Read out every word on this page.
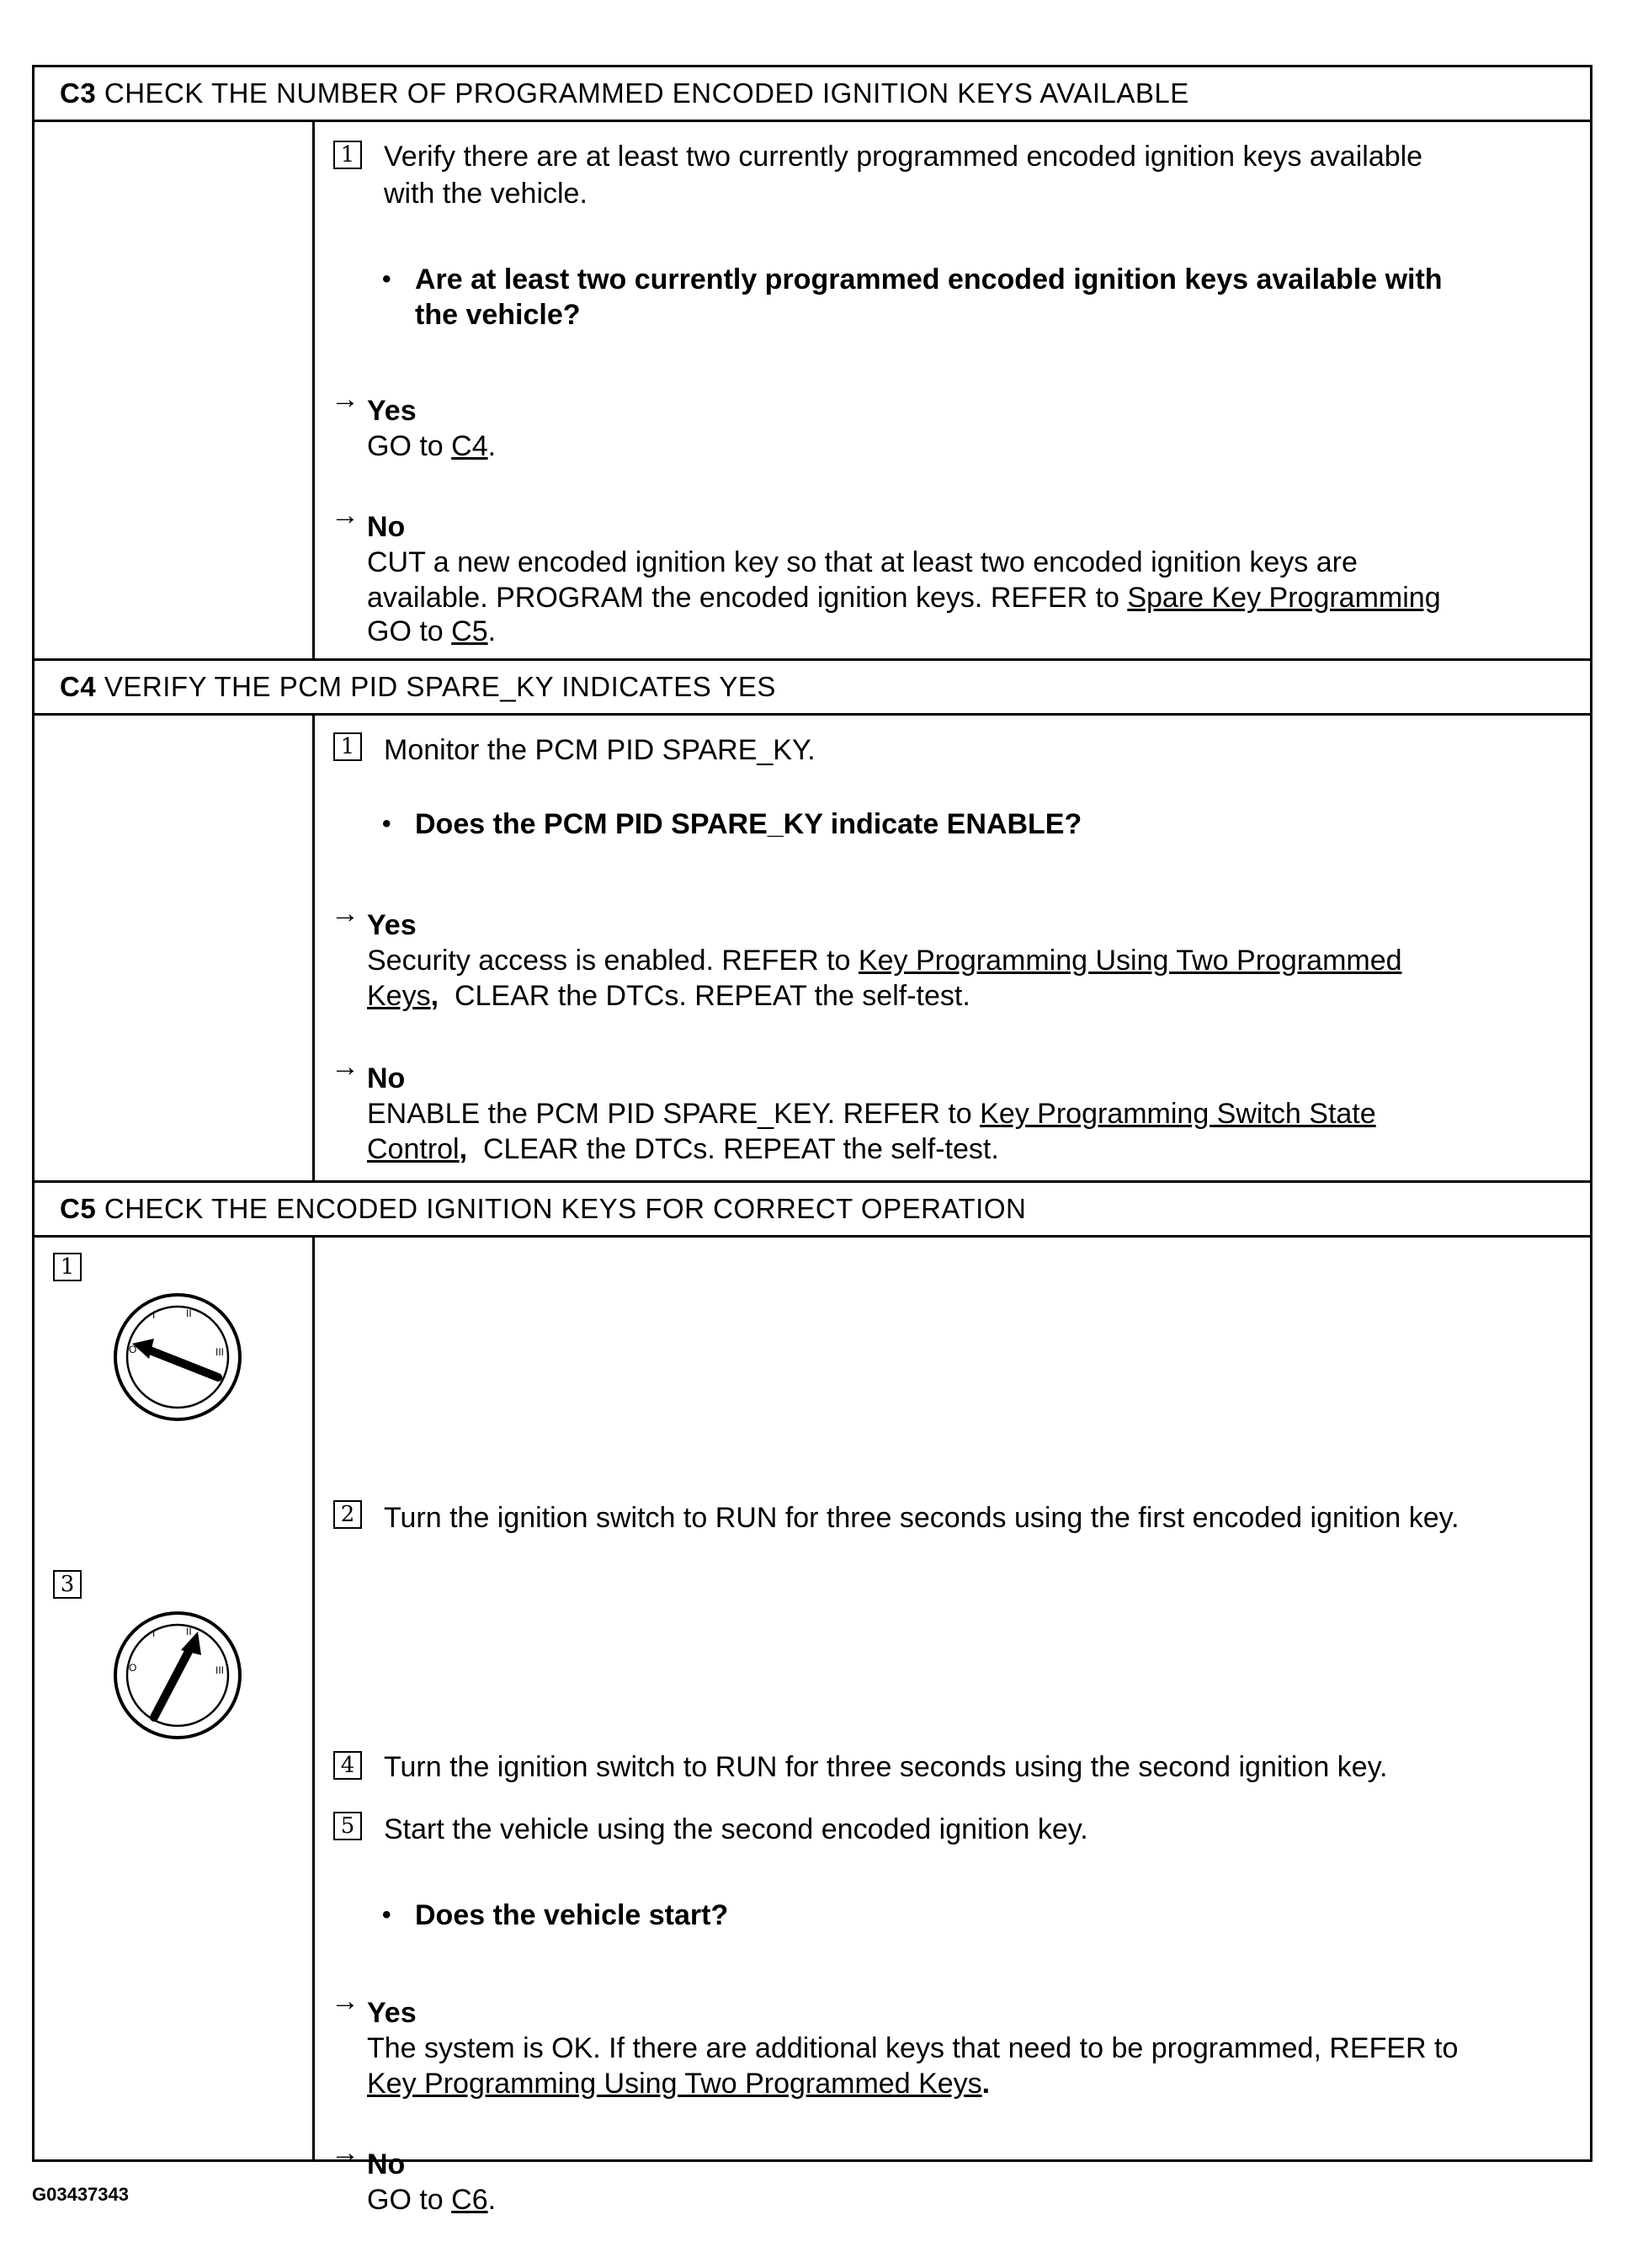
C3 CHECK THE NUMBER OF PROGRAMMED ENCODED IGNITION KEYS AVAILABLE
1 Verify there are at least two currently programmed encoded ignition keys available
with the vehicle.
• Are at least two currently programmed encoded ignition keys available with
the vehicle?
→ Yes
GO to C4.
→ No
CUT a new encoded ignition key so that at least two encoded ignition keys are
available. PROGRAM the encoded ignition keys. REFER to Spare Key Programming
GO to C5.
C4 VERIFY THE PCM PID SPARE_KY INDICATES YES
1 Monitor the PCM PID SPARE_KY.
• Does the PCM PID SPARE_KY indicate ENABLE?
→ Yes
Security access is enabled. REFER to Key Programming Using Two Programmed
Keys, CLEAR the DTCs. REPEAT the self-test.
→ No
ENABLE the PCM PID SPARE_KEY. REFER to Key Programming Switch State
Control, CLEAR the DTCs. REPEAT the self-test.
C5 CHECK THE ENCODED IGNITION KEYS FOR CORRECT OPERATION
1
O
I	II
III
3
O
I	II
III
2 Turn the ignition switch to RUN for three seconds using the first encoded ignition key.
4 Turn the ignition switch to RUN for three seconds using the second ignition key.
5 Start the vehicle using the second encoded ignition key.
• Does the vehicle start?
→ Yes
The system is OK. If there are additional keys that need to be programmed, REFER to
Key Programming Using Two Programmed Keys.
→ No
GO to C6.
G03437343
